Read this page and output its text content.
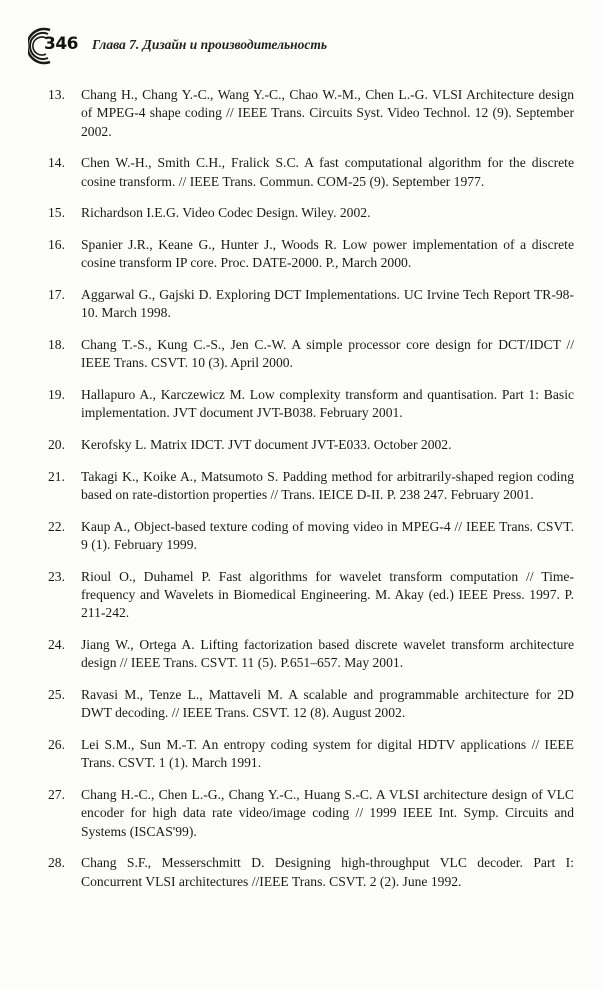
346 Глава 7. Дизайн и производительность
13.	Chang H., Chang Y.-C., Wang Y.-C., Chao W.-M., Chen L.-G. VLSI Architecture design of MPEG-4 shape coding // IEEE Trans. Circuits Syst. Video Technol. 12 (9). September 2002.
14.	Chen W.-H., Smith C.H., Fralick S.C. A fast computational algorithm for the discrete cosine transform. // IEEE Trans. Commun. COM-25 (9). September 1977.
15.	Richardson I.E.G. Video Codec Design. Wiley. 2002.
16.	Spanier J.R., Keane G., Hunter J., Woods R. Low power implementation of a discrete cosine transform IP core. Proc. DATE-2000. P., March 2000.
17.	Aggarwal G., Gajski D. Exploring DCT Implementations. UC Irvine Tech Report TR-98-10. March 1998.
18.	Chang T.-S., Kung C.-S., Jen C.-W. A simple processor core design for DCT/IDCT // IEEE Trans. CSVT. 10 (3). April 2000.
19.	Hallapuro A., Karczewicz M. Low complexity transform and quantisation. Part 1: Basic implementation. JVT document JVT-B038. February 2001.
20.	Kerofsky L. Matrix IDCT. JVT document JVT-E033. October 2002.
21.	Takagi K., Koike A., Matsumoto S. Padding method for arbitrarily-shaped region coding based on rate-distortion properties // Trans. IEICE D-II. P. 238 247. February 2001.
22.	Kaup A., Object-based texture coding of moving video in MPEG-4 // IEEE Trans. CSVT. 9 (1). February 1999.
23.	Rioul O., Duhamel P. Fast algorithms for wavelet transform computation // Time-frequency and Wavelets in Biomedical Engineering. M. Akay (ed.) IEEE Press. 1997. P. 211-242.
24.	Jiang W., Ortega A. Lifting factorization based discrete wavelet transform architecture design // IEEE Trans. CSVT. 11 (5). P.651–657. May 2001.
25.	Ravasi M., Tenze L., Mattaveli M. A scalable and programmable architecture for 2D DWT decoding. // IEEE Trans. CSVT. 12 (8). August 2002.
26.	Lei S.M., Sun M.-T. An entropy coding system for digital HDTV applications // IEEE Trans. CSVT. 1 (1). March 1991.
27.	Chang H.-C., Chen L.-G., Chang Y.-C., Huang S.-C. A VLSI architecture design of VLC encoder for high data rate video/image coding // 1999 IEEE Int. Symp. Circuits and Systems (ISCAS'99).
28.	Chang S.F., Messerschmitt D. Designing high-throughput VLC decoder. Part I: Concurrent VLSI architectures //IEEE Trans. CSVT. 2 (2). June 1992.
